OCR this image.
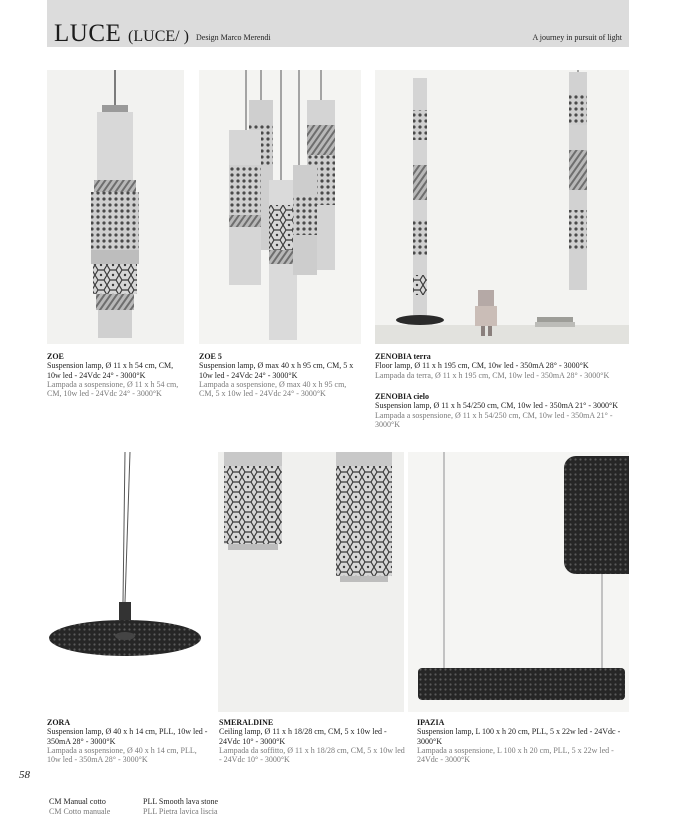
LUCE (LUCE/ ) Design Marco Merendi	A journey in pursuit of light
ZOE
Suspension lamp, Ø 11 x h 54 cm, CM, 10w led - 24Vdc 24° - 3000°K
Lampada a sospensione, Ø 11 x h 54 cm, CM, 10w led - 24Vdc 24° - 3000°K
ZOE 5
Suspension lamp, Ø max 40 x h 95 cm, CM, 5 x 10w led - 24Vdc 24° - 3000°K
Lampada a sospensione, Ø max 40 x h 95 cm, CM, 5 x 10w led - 24Vdc 24° - 3000°K
ZENOBIA terra
Floor lamp, Ø 11 x h 195 cm, CM, 10w led - 350mA 28° - 3000°K
Lampada da terra, Ø 11 x h 195 cm, CM, 10w led - 350mA 28° - 3000°K
ZENOBIA cielo
Suspension lamp, Ø 11 x h 54/250 cm, CM, 10w led - 350mA 21° - 3000°K
Lampada a sospensione, Ø 11 x h 54/250 cm, CM, 10w led - 350mA 21° - 3000°K
ZORA
Suspension lamp, Ø 40 x h 14 cm, PLL, 10w led - 350mA 28° - 3000°K
Lampada a sospensione, Ø 40 x h 14 cm, PLL, 10w led - 350mA 28° - 3000°K
SMERALDINE
Ceiling lamp, Ø 11 x h 18/28 cm, CM, 5 x 10w led - 24Vdc 10° - 3000°K
Lampada da soffitto, Ø 11 x h 18/28 cm, CM, 5 x 10w led - 24Vdc 10° - 3000°K
IPAZIA
Suspension lamp, L 100 x h 20 cm, PLL, 5 x 22w led - 24Vdc - 3000°K
Lampada a sospensione, L 100 x h 20 cm, PLL, 5 x 22w led - 24Vdc - 3000°K
58
CM Manual cotto
CM Cotto manuale
PLL Smooth lava stone
PLL Pietra lavica liscia
